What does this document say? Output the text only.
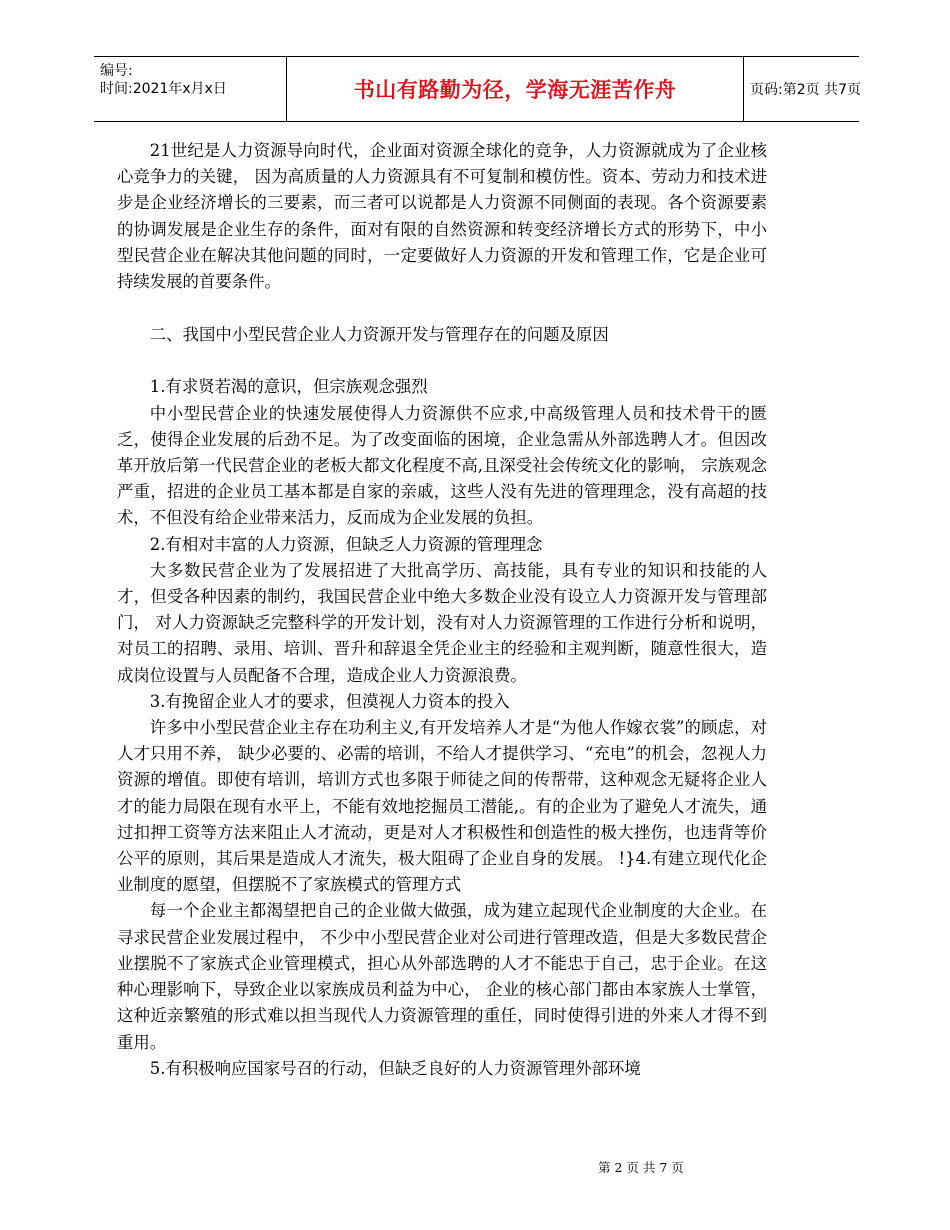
编号:
时间:2021年x月x日	书山有路勤为径，学海无涯苦作舟	页码:第2页 共7页

21世纪是人力资源导向时代，企业面对资源全球化的竞争，人力资源就成为了企业核心竞争力的关键， 因为高质量的人力资源具有不可复制和模仿性。资本、劳动力和技术进步是企业经济增长的三要素，而三者可以说都是人力资源不同侧面的表现。各个资源要素的协调发展是企业生存的条件，面对有限的自然资源和转变经济增长方式的形势下，中小型民营企业在解决其他问题的同时，一定要做好人力资源的开发和管理工作，它是企业可持续发展的首要条件。

二、我国中小型民营企业人力资源开发与管理存在的问题及原因

1.有求贤若渴的意识，但宗族观念强烈

中小型民营企业的快速发展使得人力资源供不应求,中高级管理人员和技术骨干的匮乏，使得企业发展的后劲不足。为了改变面临的困境，企业急需从外部选聘人才。但因改革开放后第一代民营企业的老板大都文化程度不高,且深受社会传统文化的影响， 宗族观念严重，招进的企业员工基本都是自家的亲戚，这些人没有先进的管理理念，没有高超的技术，不但没有给企业带来活力，反而成为企业发展的负担。

2.有相对丰富的人力资源，但缺乏人力资源的管理理念

大多数民营企业为了发展招进了大批高学历、高技能，具有专业的知识和技能的人才，但受各种因素的制约，我国民营企业中绝大多数企业没有设立人力资源开发与管理部门， 对人力资源缺乏完整科学的开发计划，没有对人力资源管理的工作进行分析和说明，对员工的招聘、录用、培训、晋升和辞退全凭企业主的经验和主观判断，随意性很大，造成岗位设置与人员配备不合理，造成企业人力资源浪费。

3.有挽留企业人才的要求，但漠视人力资本的投入

许多中小型民营企业主存在功利主义,有开发培养人才是“为他人作嫁衣裳”的顾虑，对人才只用不养， 缺少必要的、必需的培训，不给人才提供学习、“充电”的机会，忽视人力资源的增值。即使有培训，培训方式也多限于师徒之间的传帮带，这种观念无疑将企业人才的能力局限在现有水平上，不能有效地挖掘员工潜能,。有的企业为了避免人才流失，通过扣押工资等方法来阻止人才流动，更是对人才积极性和创造性的极大挫伤，也违背等价公平的原则，其后果是造成人才流失，极大阻碍了企业自身的发展。 !}4.有建立现代化企业制度的愿望，但摆脱不了家族模式的管理方式

每一个企业主都渴望把自己的企业做大做强，成为建立起现代企业制度的大企业。在寻求民营企业发展过程中， 不少中小型民营企业对公司进行管理改造，但是大多数民营企业摆脱不了家族式企业管理模式，担心从外部选聘的人才不能忠于自己，忠于企业。在这种心理影响下，导致企业以家族成员利益为中心， 企业的核心部门都由本家族人士掌管，这种近亲繁殖的形式难以担当现代人力资源管理的重任，同时使得引进的外来人才得不到重用。

5.有积极响应国家号召的行动，但缺乏良好的人力资源管理外部环境

第 2 页 共 7 页
